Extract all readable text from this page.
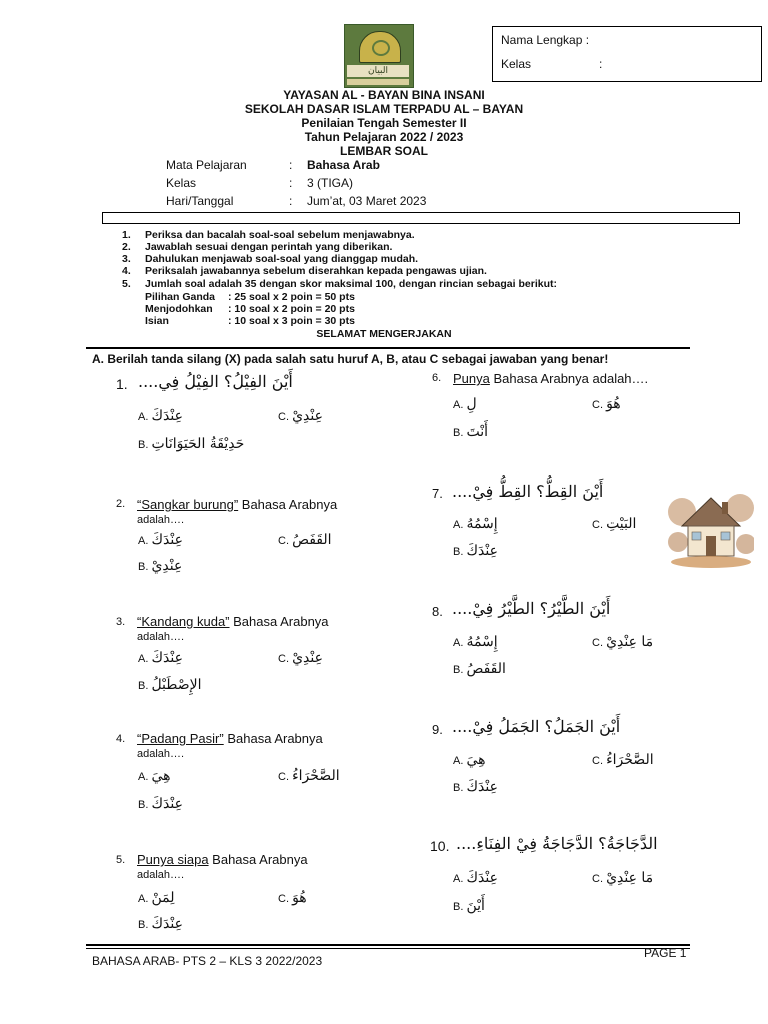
البيان
Nama Lengkap :
Kelas	:
YAYASAN AL - BAYAN BINA INSANI
SEKOLAH DASAR ISLAM TERPADU AL – BAYAN
Penilaian Tengah Semester II
Tahun Pelajaran 2022 / 2023
LEMBAR SOAL
Mata Pelajaran	: Bahasa Arab
Kelas	: 3 (TIGA)
Hari/Tanggal	: Jum’at, 03 Maret 2023
1. Periksa dan bacalah soal-soal sebelum menjawabnya.
2. Jawablah sesuai dengan perintah yang diberikan.
3. Dahulukan menjawab soal-soal yang dianggap mudah.
4. Periksalah jawabannya sebelum diserahkan kepada pengawas ujian.
5. Jumlah soal adalah 35 dengan skor maksimal 100, dengan rincian sebagai berikut:
Pilihan Ganda : 25 soal x 2 poin = 50 pts
Menjodohkan : 10 soal x 2 poin = 20 pts
Isian	: 10 soal x 3 poin = 30 pts
SELAMAT MENGERJAKAN
A. Berilah tanda silang (X) pada salah satu huruf A, B, atau C sebagai jawaban yang benar!
1. أَيْنَ الفِيْلُ؟ الفِيْلُ فِي....
A. عِنْدَكَ	C. عِنْدِيْ
B. حَدِيْقَةُ الحَيَوَانَاتِ
2. “Sangkar burung” Bahasa Arabnya
adalah….
A. عِنْدَكَ	C. القَفَصُ
B. عِنْدِيْ
3. “Kandang kuda” Bahasa Arabnya
adalah….
A. عِنْدَكَ	C. عِنْدِيْ
B. الإِصْطَبْلُ
4. “Padang Pasir” Bahasa Arabnya
adalah….
A. هِيَ	C. الصَّحْرَاءُ
B. عِنْدَكَ
5. Punya siapa Bahasa Arabnya
adalah….
A. لِمَنْ	C. هُوَ
B. عِنْدَكَ
6. Punya Bahasa Arabnya adalah….
A. لِ	C. هُوَ
B. أَنْتَ
7. أَيْنَ القِطُّ؟ القِطُّ فِيْ....
A. إِسْمُهُ	C. البَيْتِ
B. عِنْدَكَ
8. أَيْنَ الطَّيْرُ؟ الطَّيْرُ فِيْ....
A. إِسْمُهُ	C. مَا عِنْدِيْ
B. القَفَصُ
9. أَيْنَ الجَمَلُ؟ الجَمَلُ فِيْ....
A. هِيَ	C. الصَّحْرَاءُ
B. عِنْدَكَ
10. الدَّجَاجَةُ؟ الدَّجَاجَةُ فِيْ الفِنَاءِ....
A. عِنْدَكَ	C. مَا عِنْدِيْ
B. أَيْنَ
PAGE 1
BAHASA ARAB- PTS 2 – KLS 3 2022/2023
